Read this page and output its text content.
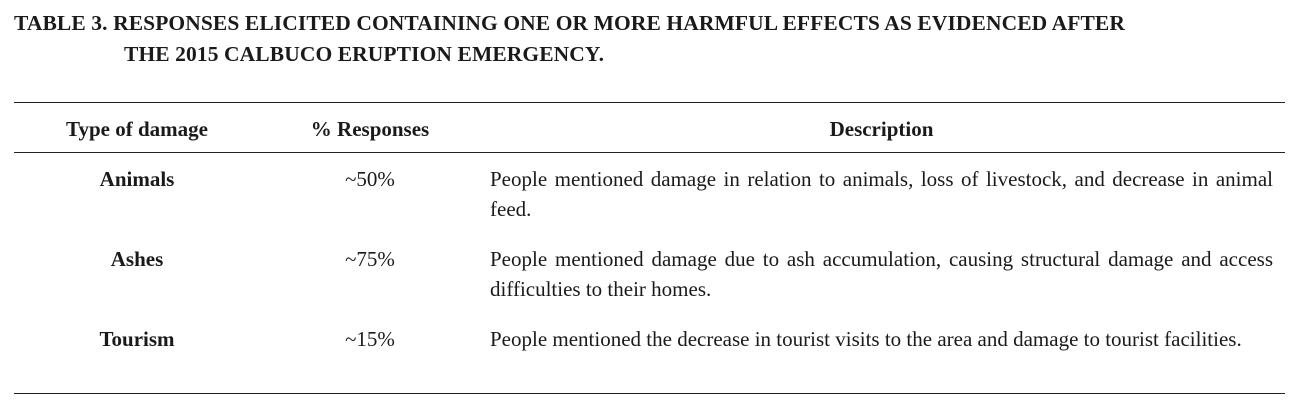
TABLE 3. RESPONSES ELICITED CONTAINING ONE OR MORE HARMFUL EFFECTS AS EVIDENCED AFTER
THE 2015 CALBUCO ERUPTION EMERGENCY.
Type of damage	% Responses	Description
Animals	~50%	People mentioned damage in relation to animals, loss of livestock, and decrease in animal feed.
Ashes	~75%	People mentioned damage due to ash accumulation, causing structural damage and access difficulties to their homes.
Tourism	~15%	People mentioned the decrease in tourist visits to the area and damage to tourist facilities.
